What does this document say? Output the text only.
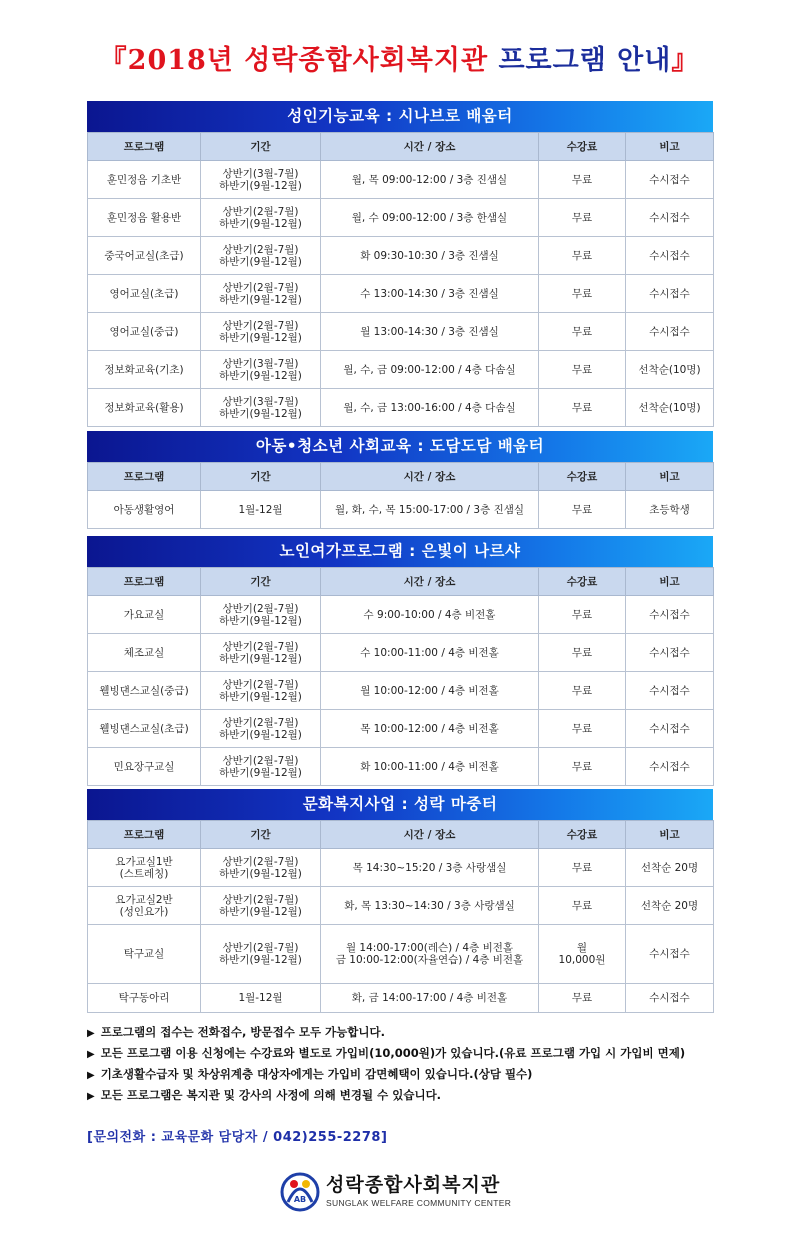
『2018년 성락종합사회복지관 프로그램 안내』
성인기능교육 : 시나브로 배움터
프로그램	기간	시간 / 장소	수강료	비고

훈민정음 기초반	상반기(3월-7월)
하반기(9월-12월)	월, 목 09:00-12:00 / 3층 진샘실	무료	수시접수

훈민정음 활용반	상반기(2월-7월)
하반기(9월-12월)	월, 수 09:00-12:00 / 3층 한샘실	무료	수시접수

중국어교실(초급)	상반기(2월-7월)
하반기(9월-12월)	화 09:30-10:30 / 3층 진샘실	무료	수시접수

영어교실(초급)	상반기(2월-7월)
하반기(9월-12월)	수 13:00-14:30 / 3층 진샘실	무료	수시접수

영어교실(중급)	상반기(2월-7월)
하반기(9월-12월)	월 13:00-14:30 / 3층 진샘실	무료	수시접수

정보화교육(기초)	상반기(3월-7월)
하반기(9월-12월)	월, 수, 금 09:00-12:00 / 4층 다솜실	무료	선착순(10명)

정보화교육(활용)	상반기(3월-7월)
하반기(9월-12월)	월, 수, 금 13:00-16:00 / 4층 다솜실	무료	선착순(10명)
아동•청소년 사회교육 : 도담도담 배움터
프로그램	기간	시간 / 장소	수강료	비고

아동생활영어	1월-12월	월, 화, 수, 목 15:00-17:00 / 3층 진샘실	무료	초등학생
노인여가프로그램 : 은빛이 나르샤
프로그램	기간	시간 / 장소	수강료	비고

가요교실	상반기(2월-7월)
하반기(9월-12월)	수 9:00-10:00 / 4층 비전홀	무료	수시접수

체조교실	상반기(2월-7월)
하반기(9월-12월)	수 10:00-11:00 / 4층 비전홀	무료	수시접수

웰빙댄스교실(중급)	상반기(2월-7월)
하반기(9월-12월)	월 10:00-12:00 / 4층 비전홀	무료	수시접수

웰빙댄스교실(초급)	상반기(2월-7월)
하반기(9월-12월)	목 10:00-12:00 / 4층 비전홀	무료	수시접수

민요장구교실	상반기(2월-7월)
하반기(9월-12월)	화 10:00-11:00 / 4층 비전홀	무료	수시접수
문화복지사업 : 성락 마중터
프로그램	기간	시간 / 장소	수강료	비고

요가교실1반
(스트레칭)	상반기(2월-7월)
하반기(9월-12월)	목 14:30~15:20 / 3층 사랑샘실	무료	선착순 20명

요가교실2반
(성인요가)	상반기(2월-7월)
하반기(9월-12월)	화, 목 13:30~14:30 / 3층 사랑샘실	무료	선착순 20명

탁구교실	상반기(2월-7월)
하반기(9월-12월)	월 14:00-17:00(레슨) / 4층 비전홀
금 10:00-12:00(자율연습) / 4층 비전홀	월
10,000원	수시접수

탁구동아리	1월-12월	화, 금 14:00-17:00 / 4층 비전홀	무료	수시접수
▶ 프로그램의 접수는 전화접수, 방문접수 모두 가능합니다.
▶ 모든 프로그램 이용 신청에는 수강료와 별도로 가입비(10,000원)가 있습니다.(유료 프로그램 가입 시 가입비 면제)
▶ 기초생활수급자 및 차상위계층 대상자에게는 가입비 감면혜택이 있습니다.(상담 필수)
▶ 모든 프로그램은 복지관 및 강사의 사정에 의해 변경될 수 있습니다.
[문의전화 : 교육문화 담당자 / 042)255-2278]
AB
성락종합사회복지관
SUNGLAK WELFARE COMMUNITY CENTER
